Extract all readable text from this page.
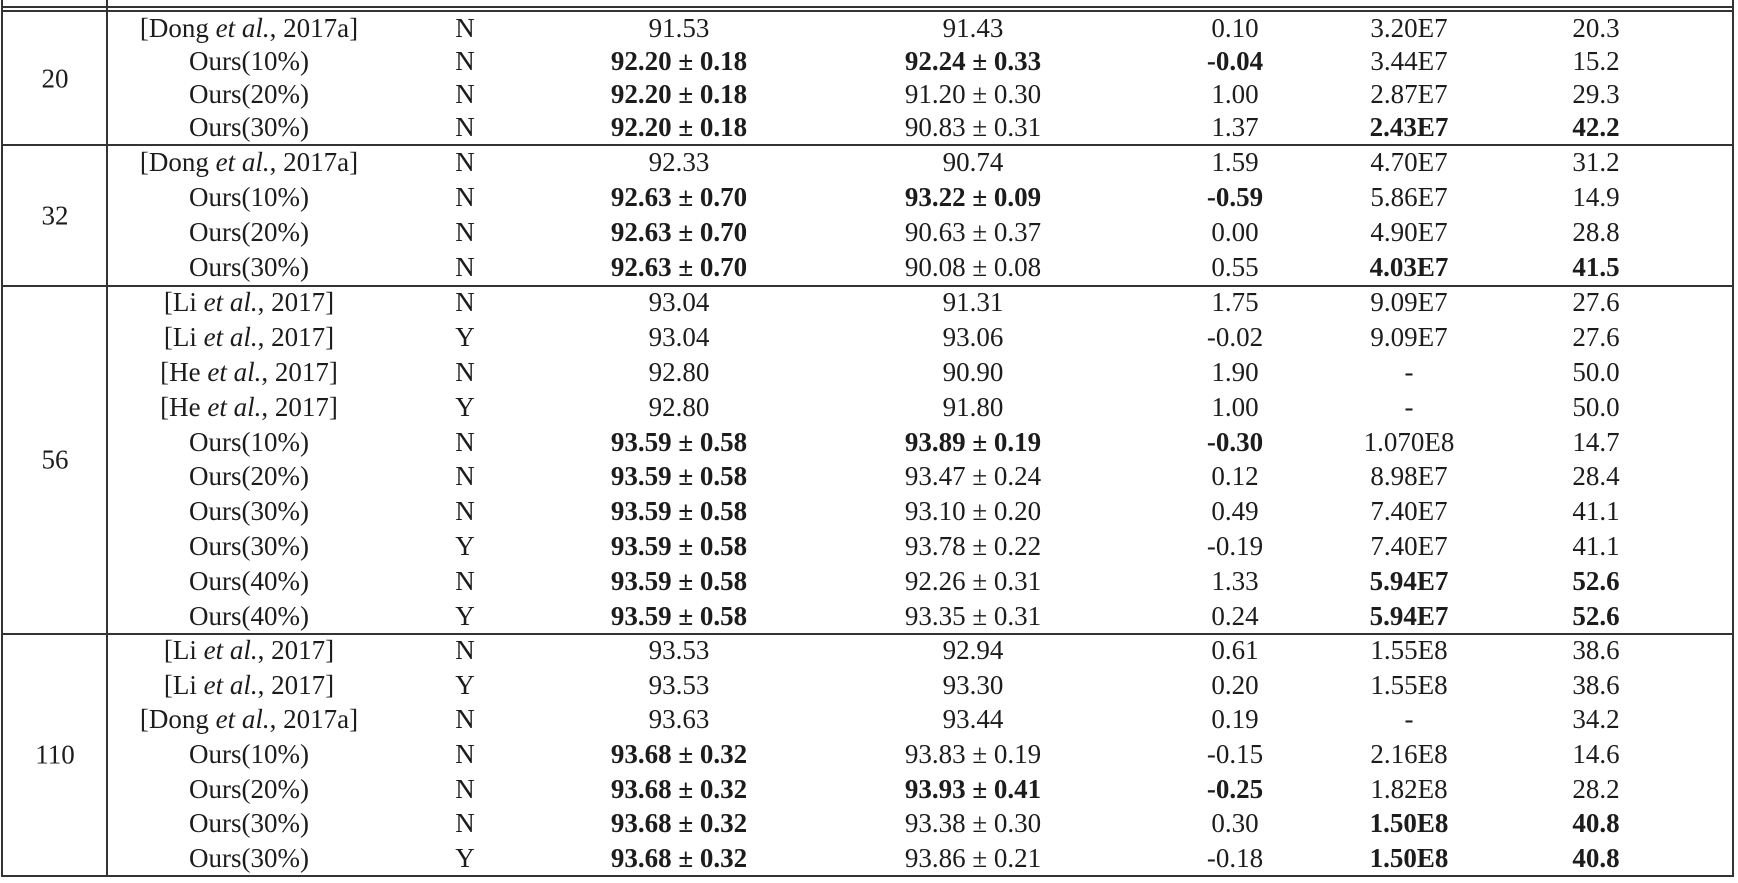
20
[Dong et al., 2017a]	N	91.53	91.43	0.10	3.20E7	20.3
Ours(10%)	N	92.20 ± 0.18	92.24 ± 0.33	-0.04	3.44E7	15.2
Ours(20%)	N	92.20 ± 0.18	91.20 ± 0.30	1.00	2.87E7	29.3
Ours(30%)	N	92.20 ± 0.18	90.83 ± 0.31	1.37	2.43E7	42.2
32
[Dong et al., 2017a]	N	92.33	90.74	1.59	4.70E7	31.2
Ours(10%)	N	92.63 ± 0.70	93.22 ± 0.09	-0.59	5.86E7	14.9
Ours(20%)	N	92.63 ± 0.70	90.63 ± 0.37	0.00	4.90E7	28.8
Ours(30%)	N	92.63 ± 0.70	90.08 ± 0.08	0.55	4.03E7	41.5
56
[Li et al., 2017]	N	93.04	91.31	1.75	9.09E7	27.6
[Li et al., 2017]	Y	93.04	93.06	-0.02	9.09E7	27.6
[He et al., 2017]	N	92.80	90.90	1.90	-	50.0
[He et al., 2017]	Y	92.80	91.80	1.00	-	50.0
Ours(10%)	N	93.59 ± 0.58	93.89 ± 0.19	-0.30	1.070E8	14.7
Ours(20%)	N	93.59 ± 0.58	93.47 ± 0.24	0.12	8.98E7	28.4
Ours(30%)	N	93.59 ± 0.58	93.10 ± 0.20	0.49	7.40E7	41.1
Ours(30%)	Y	93.59 ± 0.58	93.78 ± 0.22	-0.19	7.40E7	41.1
Ours(40%)	N	93.59 ± 0.58	92.26 ± 0.31	1.33	5.94E7	52.6
Ours(40%)	Y	93.59 ± 0.58	93.35 ± 0.31	0.24	5.94E7	52.6
110
[Li et al., 2017]	N	93.53	92.94	0.61	1.55E8	38.6
[Li et al., 2017]	Y	93.53	93.30	0.20	1.55E8	38.6
[Dong et al., 2017a]	N	93.63	93.44	0.19	-	34.2
Ours(10%)	N	93.68 ± 0.32	93.83 ± 0.19	-0.15	2.16E8	14.6
Ours(20%)	N	93.68 ± 0.32	93.93 ± 0.41	-0.25	1.82E8	28.2
Ours(30%)	N	93.68 ± 0.32	93.38 ± 0.30	0.30	1.50E8	40.8
Ours(30%)	Y	93.68 ± 0.32	93.86 ± 0.21	-0.18	1.50E8	40.8
